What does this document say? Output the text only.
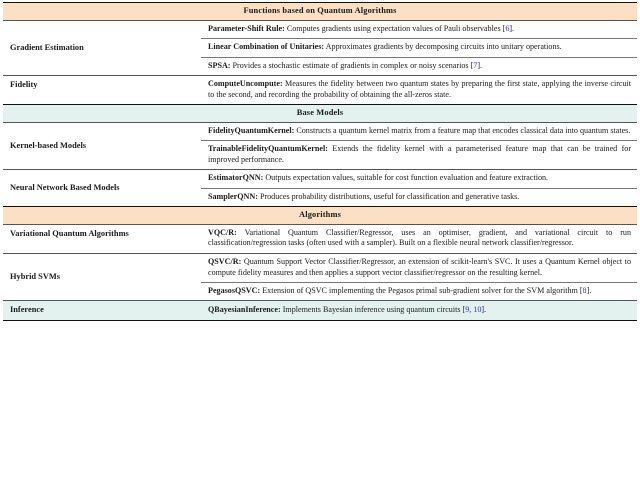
Functions based on Quantum Algorithms	
Gradient Estimation	Parameter-Shift Rule: Computes gradients using expectation values of Pauli observables [6].
	Linear Combination of Unitaries: Approximates gradients by decomposing circuits into unitary operations.
	SPSA: Provides a stochastic estimate of gradients in complex or noisy scenarios [7].
Fidelity	ComputeUncompute: Measures the fidelity between two quantum states by preparing the first state, applying the inverse circuit to the second, and recording the probability of obtaining the all-zeros state.
Base Models	
Kernel-based Models	FidelityQuantumKernel: Constructs a quantum kernel matrix from a feature map that encodes classical data into quantum states.
	TrainableFidelityQuantumKernel: Extends the fidelity kernel with a parameterised feature map that can be trained for improved performance.
Neural Network Based Models	EstimatorQNN: Outputs expectation values, suitable for cost function evaluation and feature extraction.
	SamplerQNN: Produces probability distributions, useful for classification and generative tasks.
Algorithms	
Variational Quantum Algorithms	VQC/R: Variational Quantum Classifier/Regressor, uses an optimiser, gradient, and variational circuit to run classification/regression tasks (often used with a sampler). Built on a flexible neural network classifier/regressor.
Hybrid SVMs	QSVC/R: Quantum Support Vector Classifier/Regressor, an extension of scikit-learn's SVC. It uses a Quantum Kernel object to compute fidelity measures and then applies a support vector classifier/regressor on the resulting kernel.
	PegasosQSVC: Extension of QSVC implementing the Pegasos primal sub-gradient solver for the SVM algorithm [8].
Inference	QBayesianInference: Implements Bayesian inference using quantum circuits [9, 10].
